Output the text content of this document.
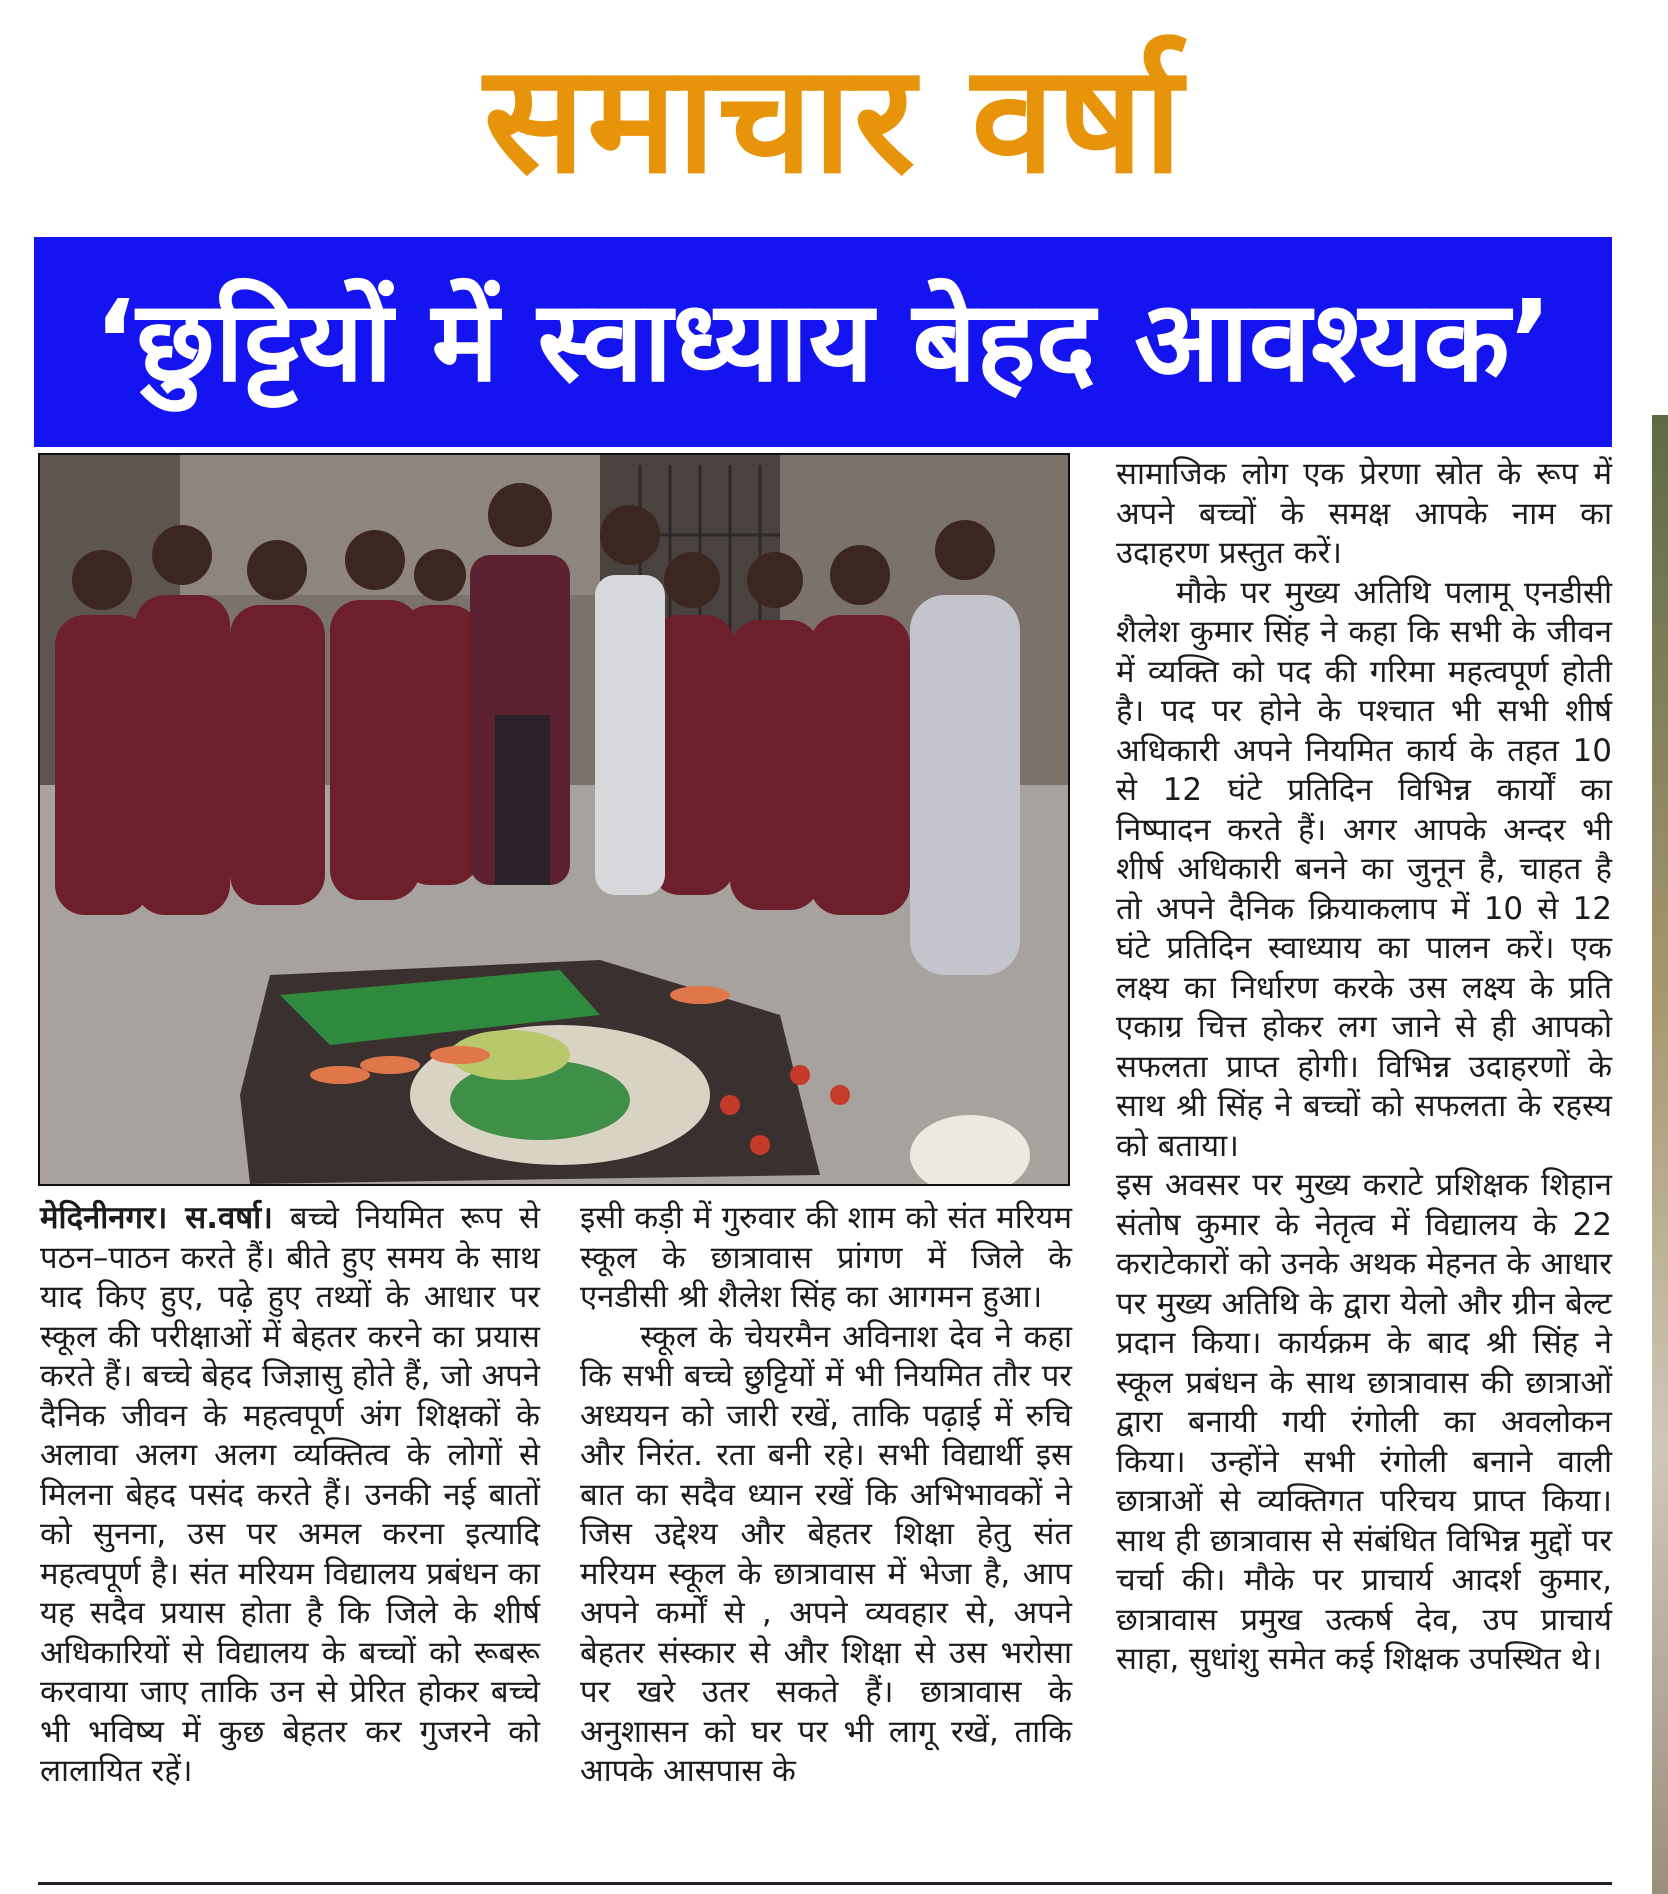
समाचार वर्षा
‘छुट्टियों में स्वाध्याय बेहद आवश्यक’

मेदिनीनगर। स.वर्षा। बच्चे नियमित रूप से पठन–पाठन करते हैं। बीते हुए समय के साथ याद किए हुए, पढ़े हुए तथ्यों के आधार पर स्कूल की परीक्षाओं में बेहतर करने का प्रयास करते हैं। बच्चे बेहद जिज्ञासु होते हैं, जो अपने दैनिक जीवन के महत्वपूर्ण अंग शिक्षकों के अलावा अलग अलग व्यक्तित्व के लोगों से मिलना बेहद पसंद करते हैं। उनकी नई बातों को सुनना, उस पर अमल करना इत्यादि महत्वपूर्ण है। संत मरियम विद्यालय प्रबंधन का यह सदैव प्रयास होता है कि जिले के शीर्ष अधिकारियों से विद्यालय के बच्चों को रूबरू करवाया जाए ताकि उन से प्रेरित होकर बच्चे भी भविष्य में कुछ बेहतर कर गुजरने को लालायित रहें।

इसी कड़ी में गुरुवार की शाम को संत मरियम स्कूल के छात्रावास प्रांगण में जिले के एनडीसी श्री शैलेश सिंह का आगमन हुआ।

स्कूल के चेयरमैन अविनाश देव ने कहा कि सभी बच्चे छुट्टियों में भी नियमित तौर पर अध्ययन को जारी रखें, ताकि पढ़ाई में रुचि और निरंत. रता बनी रहे। सभी विद्यार्थी इस बात का सदैव ध्यान रखें कि अभिभावकों ने जिस उद्देश्य और बेहतर शिक्षा हेतु संत मरियम स्कूल के छात्रावास में भेजा है, आप अपने कर्मों से , अपने व्यवहार से, अपने बेहतर संस्कार से और शिक्षा से उस भरोसा पर खरे उतर सकते हैं। छात्रावास के अनुशासन को घर पर भी लागू रखें, ताकि आपके आसपास के

सामाजिक लोग एक प्रेरणा स्रोत के रूप में अपने बच्चों के समक्ष आपके नाम का उदाहरण प्रस्तुत करें।

मौके पर मुख्य अतिथि पलामू एनडीसी शैलेश कुमार सिंह ने कहा कि सभी के जीवन में व्यक्ति को पद की गरिमा महत्वपूर्ण होती है। पद पर होने के पश्चात भी सभी शीर्ष अधिकारी अपने नियमित कार्य के तहत 10 से 12 घंटे प्रतिदिन विभिन्न कार्यों का निष्पादन करते हैं। अगर आपके अन्दर भी शीर्ष अधिकारी बनने का जुनून है, चाहत है तो अपने दैनिक क्रियाकलाप में 10 से 12 घंटे प्रतिदिन स्वाध्याय का पालन करें। एक लक्ष्य का निर्धारण करके उस लक्ष्य के प्रति एकाग्र चित्त होकर लग जाने से ही आपको सफलता प्राप्त होगी। विभिन्न उदाहरणों के साथ श्री सिंह ने बच्चों को सफलता के रहस्य को बताया।

इस अवसर पर मुख्य कराटे प्रशिक्षक शिहान संतोष कुमार के नेतृत्व में विद्यालय के 22 कराटेकारों को उनके अथक मेहनत के आधार पर मुख्य अतिथि के द्वारा येलो और ग्रीन बेल्ट प्रदान किया। कार्यक्रम के बाद श्री सिंह ने स्कूल प्रबंधन के साथ छात्रावास की छात्राओं द्वारा बनायी गयी रंगोली का अवलोकन किया। उन्होंने सभी रंगोली बनाने वाली छात्राओं से व्यक्तिगत परिचय प्राप्त किया। साथ ही छात्रावास से संबंधित विभिन्न मुद्दों पर चर्चा की। मौके पर प्राचार्य आदर्श कुमार, छात्रावास प्रमुख उत्कर्ष देव, उप प्राचार्य साहा, सुधांशु समेत कई शिक्षक उपस्थित थे।
